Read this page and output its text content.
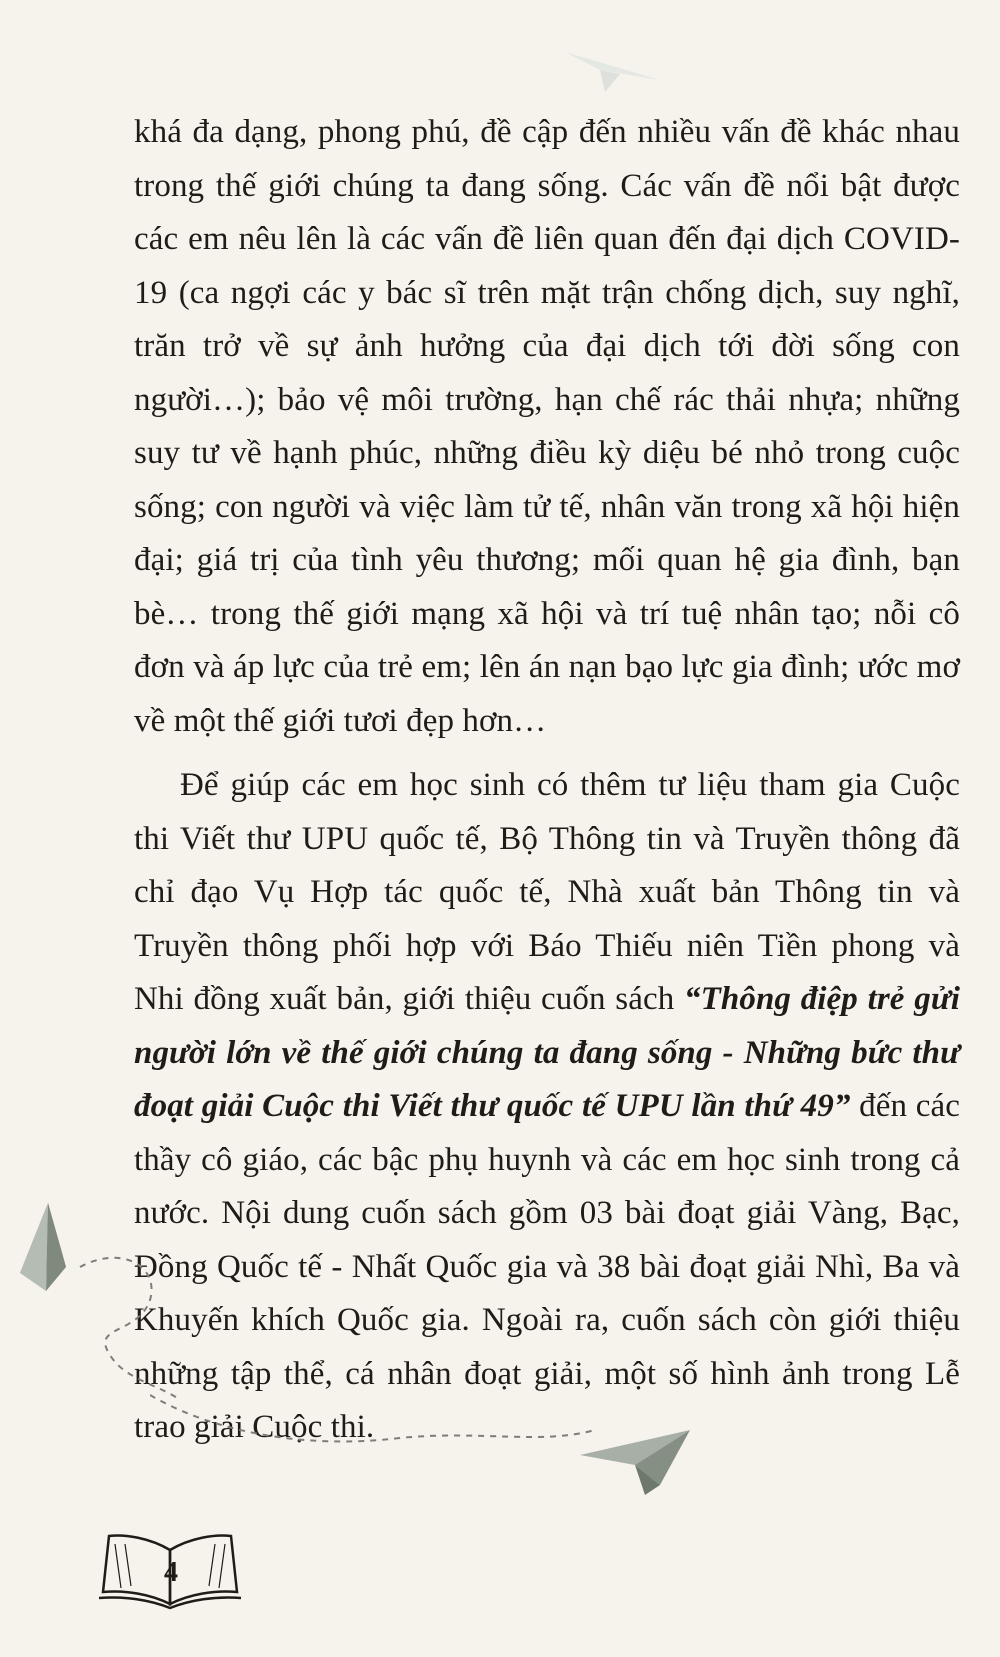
khá đa dạng, phong phú, đề cập đến nhiều vấn đề khác nhau trong thế giới chúng ta đang sống. Các vấn đề nổi bật được các em nêu lên là các vấn đề liên quan đến đại dịch COVID-19 (ca ngợi các y bác sĩ trên mặt trận chống dịch, suy nghĩ, trăn trở về sự ảnh hưởng của đại dịch tới đời sống con người…); bảo vệ môi trường, hạn chế rác thải nhựa; những suy tư về hạnh phúc, những điều kỳ diệu bé nhỏ trong cuộc sống; con người và việc làm tử tế, nhân văn trong xã hội hiện đại; giá trị của tình yêu thương; mối quan hệ gia đình, bạn bè… trong thế giới mạng xã hội và trí tuệ nhân tạo; nỗi cô đơn và áp lực của trẻ em; lên án nạn bạo lực gia đình; ước mơ về một thế giới tươi đẹp hơn…

Để giúp các em học sinh có thêm tư liệu tham gia Cuộc thi Viết thư UPU quốc tế, Bộ Thông tin và Truyền thông đã chỉ đạo Vụ Hợp tác quốc tế, Nhà xuất bản Thông tin và Truyền thông phối hợp với Báo Thiếu niên Tiền phong và Nhi đồng xuất bản, giới thiệu cuốn sách “Thông điệp trẻ gửi người lớn về thế giới chúng ta đang sống - Những bức thư đoạt giải Cuộc thi Viết thư quốc tế UPU lần thứ 49” đến các thầy cô giáo, các bậc phụ huynh và các em học sinh trong cả nước. Nội dung cuốn sách gồm 03 bài đoạt giải Vàng, Bạc, Đồng Quốc tế - Nhất Quốc gia và 38 bài đoạt giải Nhì, Ba và Khuyến khích Quốc gia. Ngoài ra, cuốn sách còn giới thiệu những tập thể, cá nhân đoạt giải, một số hình ảnh trong Lễ trao giải Cuộc thi.

4
